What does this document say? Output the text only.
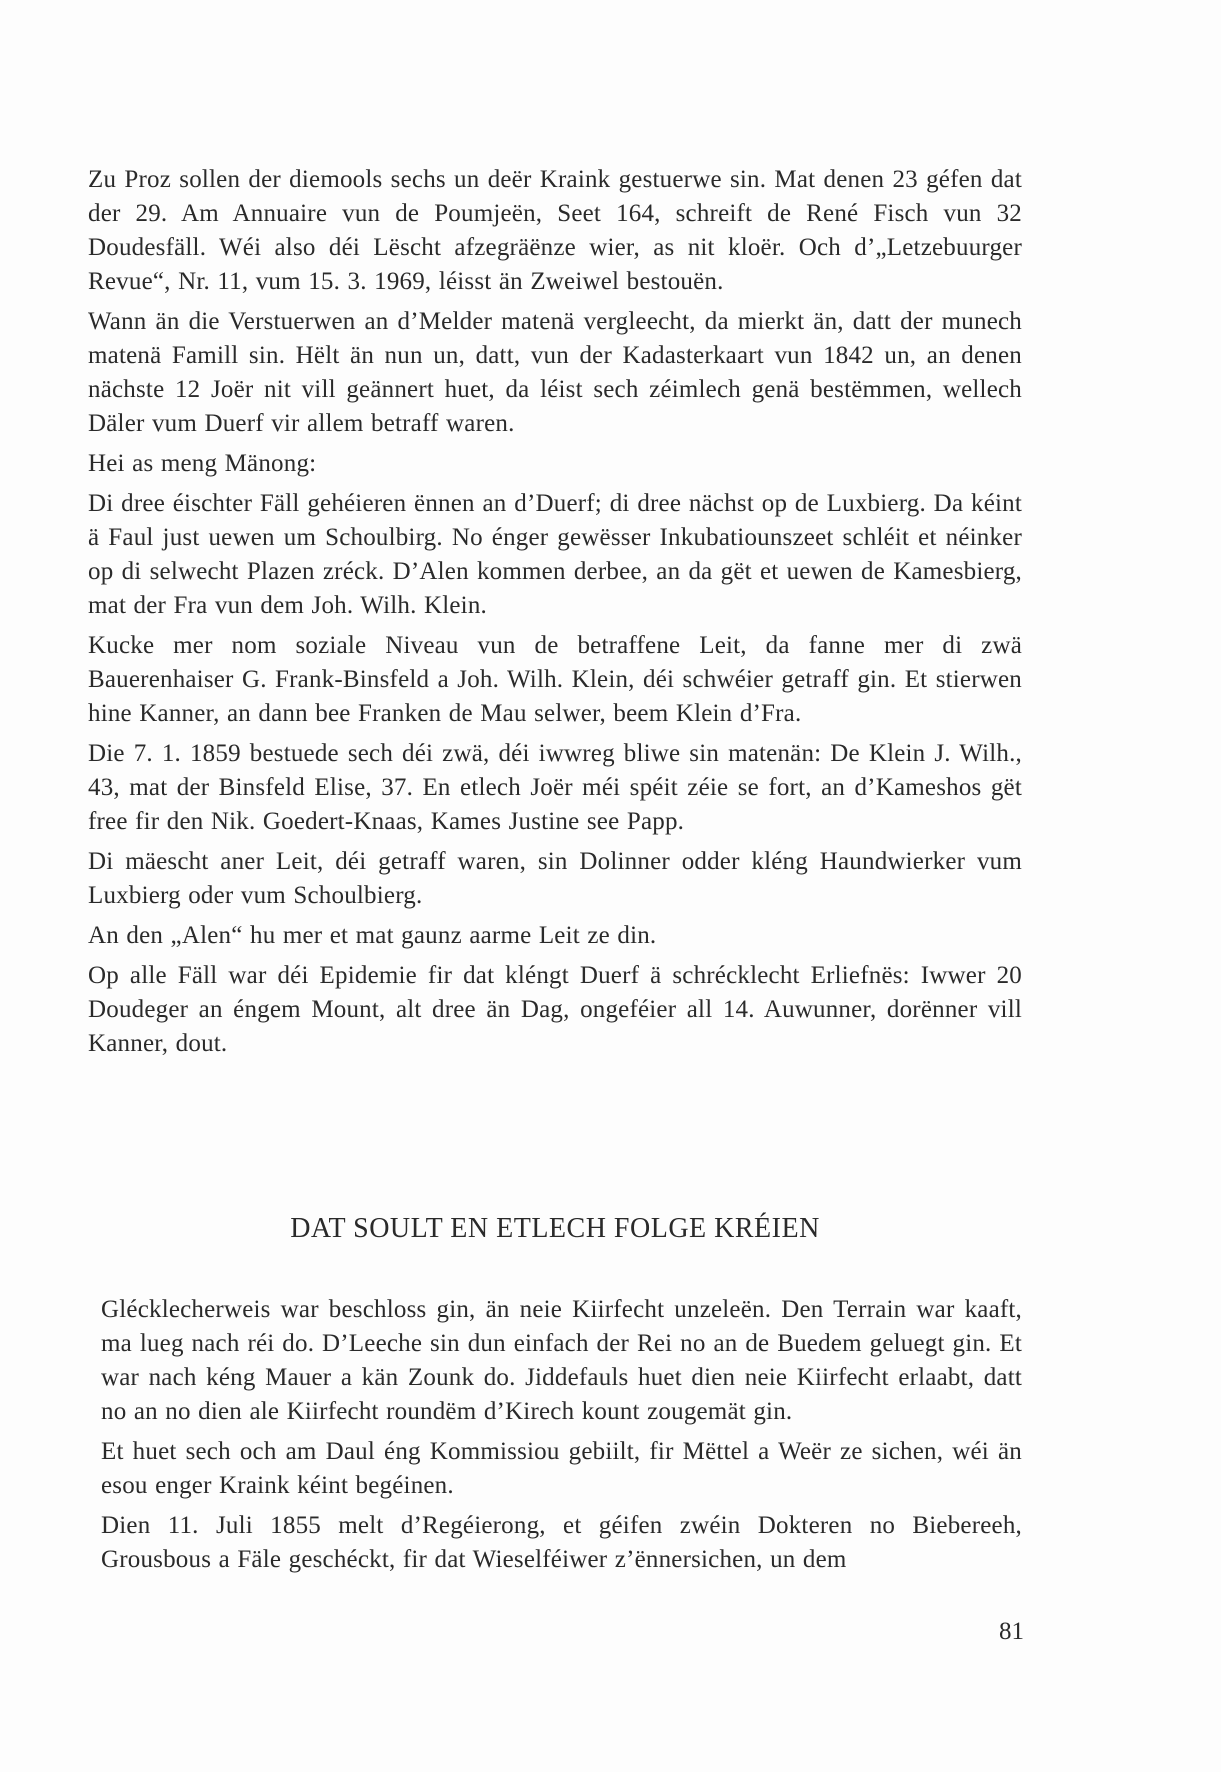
Zu Proz sollen der diemools sechs un deër Kraink gestuerwe sin. Mat denen 23 géfen dat der 29. Am Annuaire vun de Poumjeën, Seet 164, schreift de René Fisch vun 32 Doudesfäll. Wéi also déi Lëscht afzegräënze wier, as nit kloër. Och d’„Letzebuurger Revue“, Nr. 11, vum 15. 3. 1969, léisst än Zweiwel bestouën.

Wann än die Verstuerwen an d’Melder matenä vergleecht, da mierkt än, datt der munech matenä Famill sin. Hëlt än nun un, datt, vun der Kadasterkaart vun 1842 un, an denen nächste 12 Joër nit vill geännert huet, da léist sech zéimlech genä bestëmmen, wellech Däler vum Duerf vir allem betraff waren.

Hei as meng Mänong:

Di dree éischter Fäll gehéieren ënnen an d’Duerf; di dree nächst op de Luxbierg. Da kéint ä Faul just uewen um Schoulbirg. No énger gewësser Inkubatiounszeet schléit et néinker op di selwecht Plazen zréck. D’Alen kommen derbee, an da gët et uewen de Kamesbierg, mat der Fra vun dem Joh. Wilh. Klein.

Kucke mer nom soziale Niveau vun de betraffene Leit, da fanne mer di zwä Bauerenhaiser G. Frank-Binsfeld a Joh. Wilh. Klein, déi schwéier getraff gin. Et stierwen hine Kanner, an dann bee Franken de Mau selwer, beem Klein d’Fra.

Die 7. 1. 1859 bestuede sech déi zwä, déi iwwreg bliwe sin matenän: De Klein J. Wilh., 43, mat der Binsfeld Elise, 37. En etlech Joër méi spéit zéie se fort, an d’Kameshos gët free fir den Nik. Goedert-Knaas, Kames Justine see Papp.

Di mäescht aner Leit, déi getraff waren, sin Dolinner odder kléng Haundwierker vum Luxbierg oder vum Schoulbierg.

An den „Alen“ hu mer et mat gaunz aarme Leit ze din.

Op alle Fäll war déi Epidemie fir dat kléngt Duerf ä schrécklecht Erliefnës: Iwwer 20 Doudeger an éngem Mount, alt dree än Dag, ongeféier all 14. Auwunner, dorënner vill Kanner, dout.

DAT SOULT EN ETLECH FOLGE KRÉIEN

Glécklecherweis war beschloss gin, än neie Kiirfecht unzeleën. Den Terrain war kaaft, ma lueg nach réi do. D’Leeche sin dun einfach der Rei no an de Buedem geluegt gin. Et war nach kéng Mauer a kän Zounk do. Jiddefauls huet dien neie Kiirfecht erlaabt, datt no an no dien ale Kiirfecht roundëm d’Kirech kount zougemät gin.

Et huet sech och am Daul éng Kommissiou gebiilt, fir Mëttel a Weër ze sichen, wéi än esou enger Kraink kéint begéinen.

Dien 11. Juli 1855 melt d’Regéierong, et géifen zwéin Dokteren no Biebereeh, Grousbous a Fäle geschéckt, fir dat Wieselféiwer z’ënnersichen, un dem

81
